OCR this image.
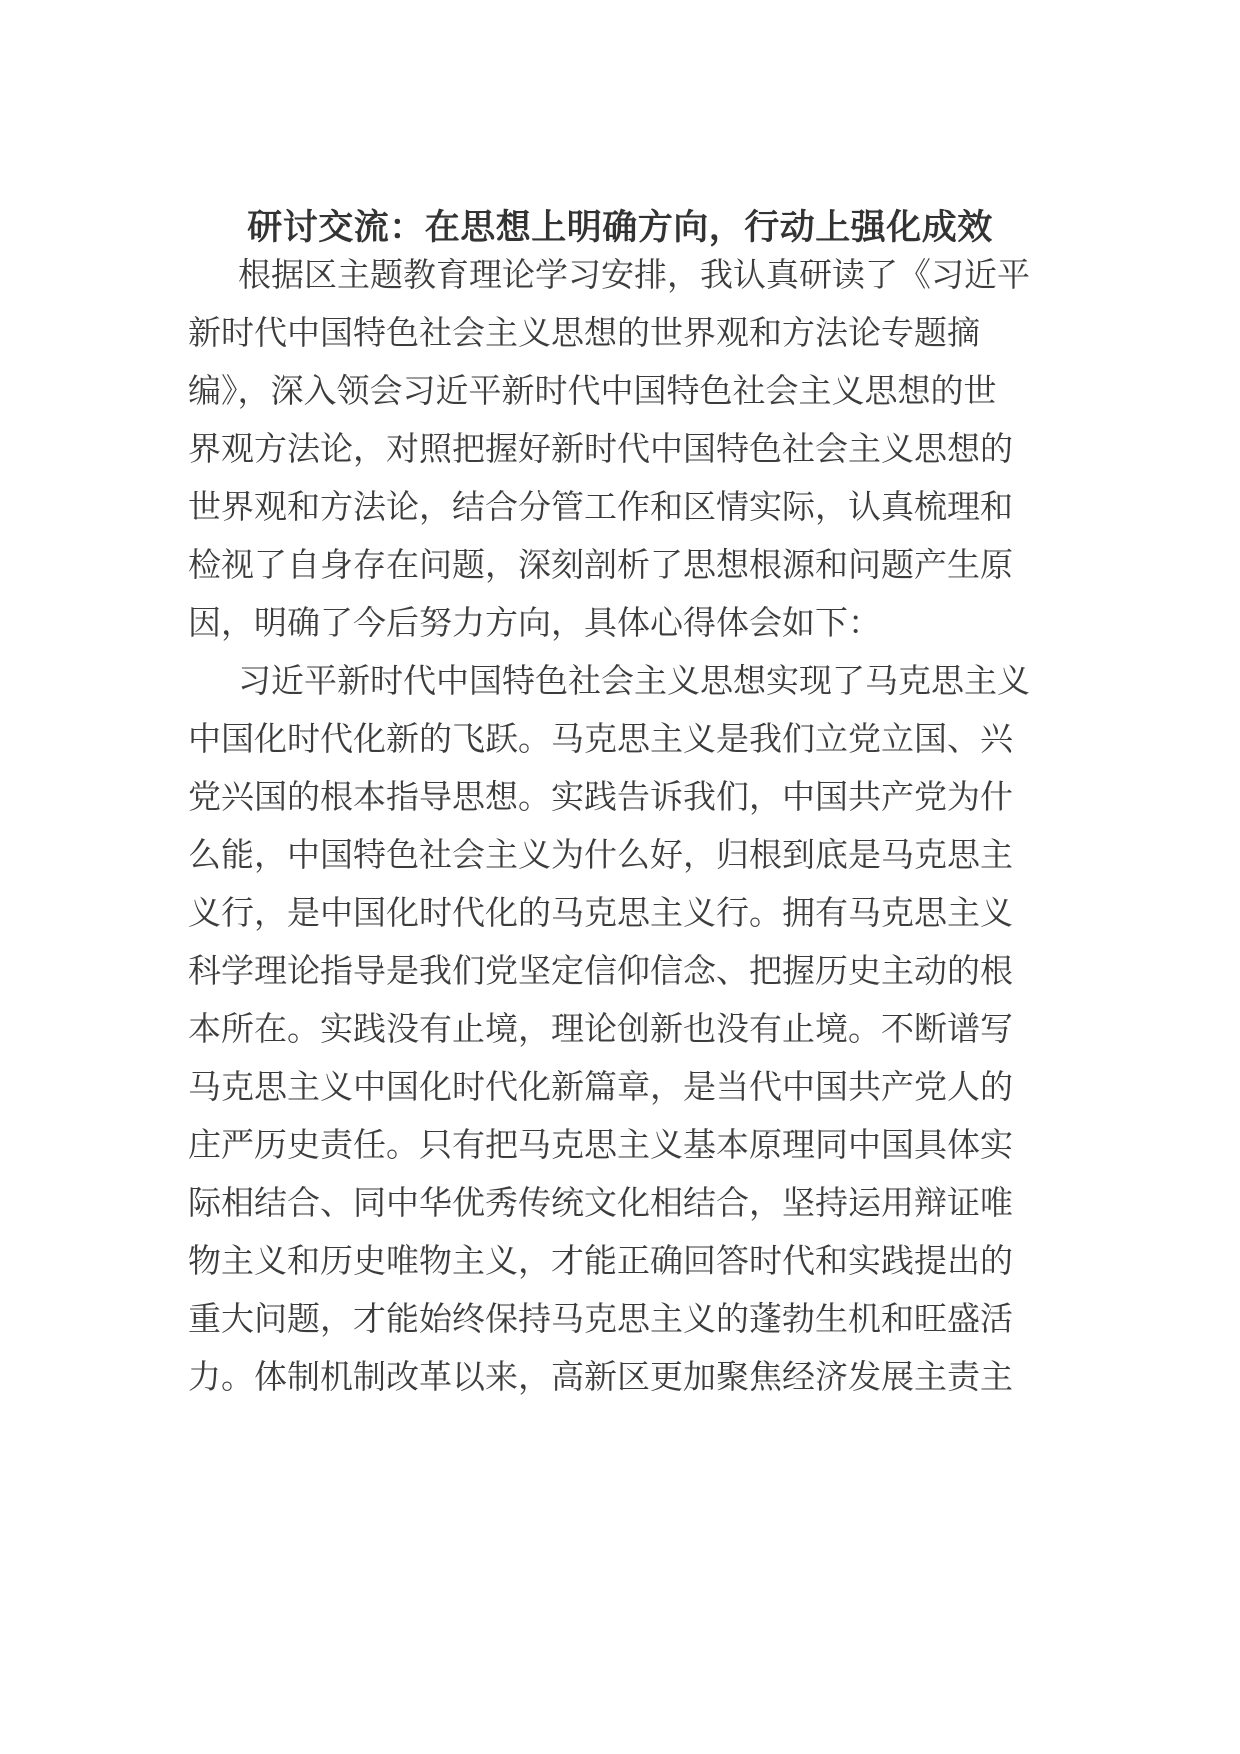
研讨交流：在思想上明确方向，行动上强化成效
根据区主题教育理论学习安排，我认真研读了《习近平
新时代中国特色社会主义思想的世界观和方法论专题摘
编》，深入领会习近平新时代中国特色社会主义思想的世
界观方法论，对照把握好新时代中国特色社会主义思想的
世界观和方法论，结合分管工作和区情实际，认真梳理和
检视了自身存在问题，深刻剖析了思想根源和问题产生原
因，明确了今后努力方向，具体心得体会如下：
习近平新时代中国特色社会主义思想实现了马克思主义
中国化时代化新的飞跃。马克思主义是我们立党立国、兴
党兴国的根本指导思想。实践告诉我们，中国共产党为什
么能，中国特色社会主义为什么好，归根到底是马克思主
义行，是中国化时代化的马克思主义行。拥有马克思主义
科学理论指导是我们党坚定信仰信念、把握历史主动的根
本所在。实践没有止境，理论创新也没有止境。不断谱写
马克思主义中国化时代化新篇章，是当代中国共产党人的
庄严历史责任。只有把马克思主义基本原理同中国具体实
际相结合、同中华优秀传统文化相结合，坚持运用辩证唯
物主义和历史唯物主义，才能正确回答时代和实践提出的
重大问题，才能始终保持马克思主义的蓬勃生机和旺盛活
力。体制机制改革以来，高新区更加聚焦经济发展主责主
